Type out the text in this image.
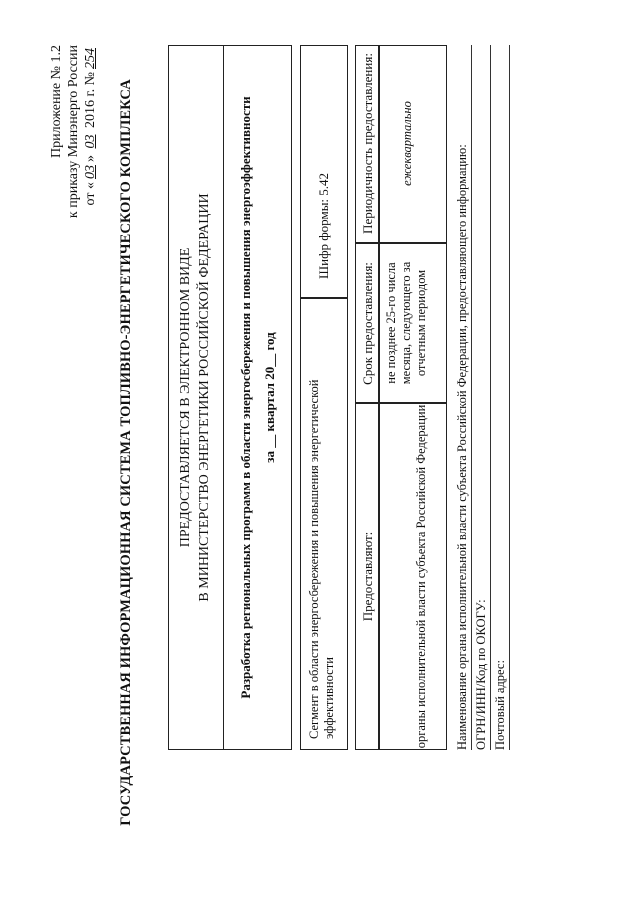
Приложение № 1.2 к приказу Минэнерго России от «03» 03 2016 г. №254
ГОСУДАРСТВЕННАЯ ИНФОРМАЦИОННАЯ СИСТЕМА ТОПЛИВНО-ЭНЕРГЕТИЧЕСКОГО КОМПЛЕКСА	ПРЕДОСТАВЛЯЕТСЯ В ЭЛЕКТРОННОМ ВИДЕ В МИНИСТЕРСТВО ЭНЕРГЕТИКИ РОССИЙСКОЙ ФЕДЕРАЦИИ Разработка региональных программ в области энергосбережения и повышения энергоэффективности за __ квартал 20__ год Сегмент в области энергосбережения и повышения энергетической эффективности
Шифр формы: 5.42
Предоставляют:
Срок предоставления:
Периодичность предоставления:
органы исполнительной власти субъекта Российской Федерации
не позднее 25-го числа месяца, следующего за отчетным периодом
ежеквартально
Наименование органа исполнительной власти субъекта Российской Федерации, предоставляющего информацию: ОГРН/ИНН/Код по ОКОГУ: Почтовый адрес:
